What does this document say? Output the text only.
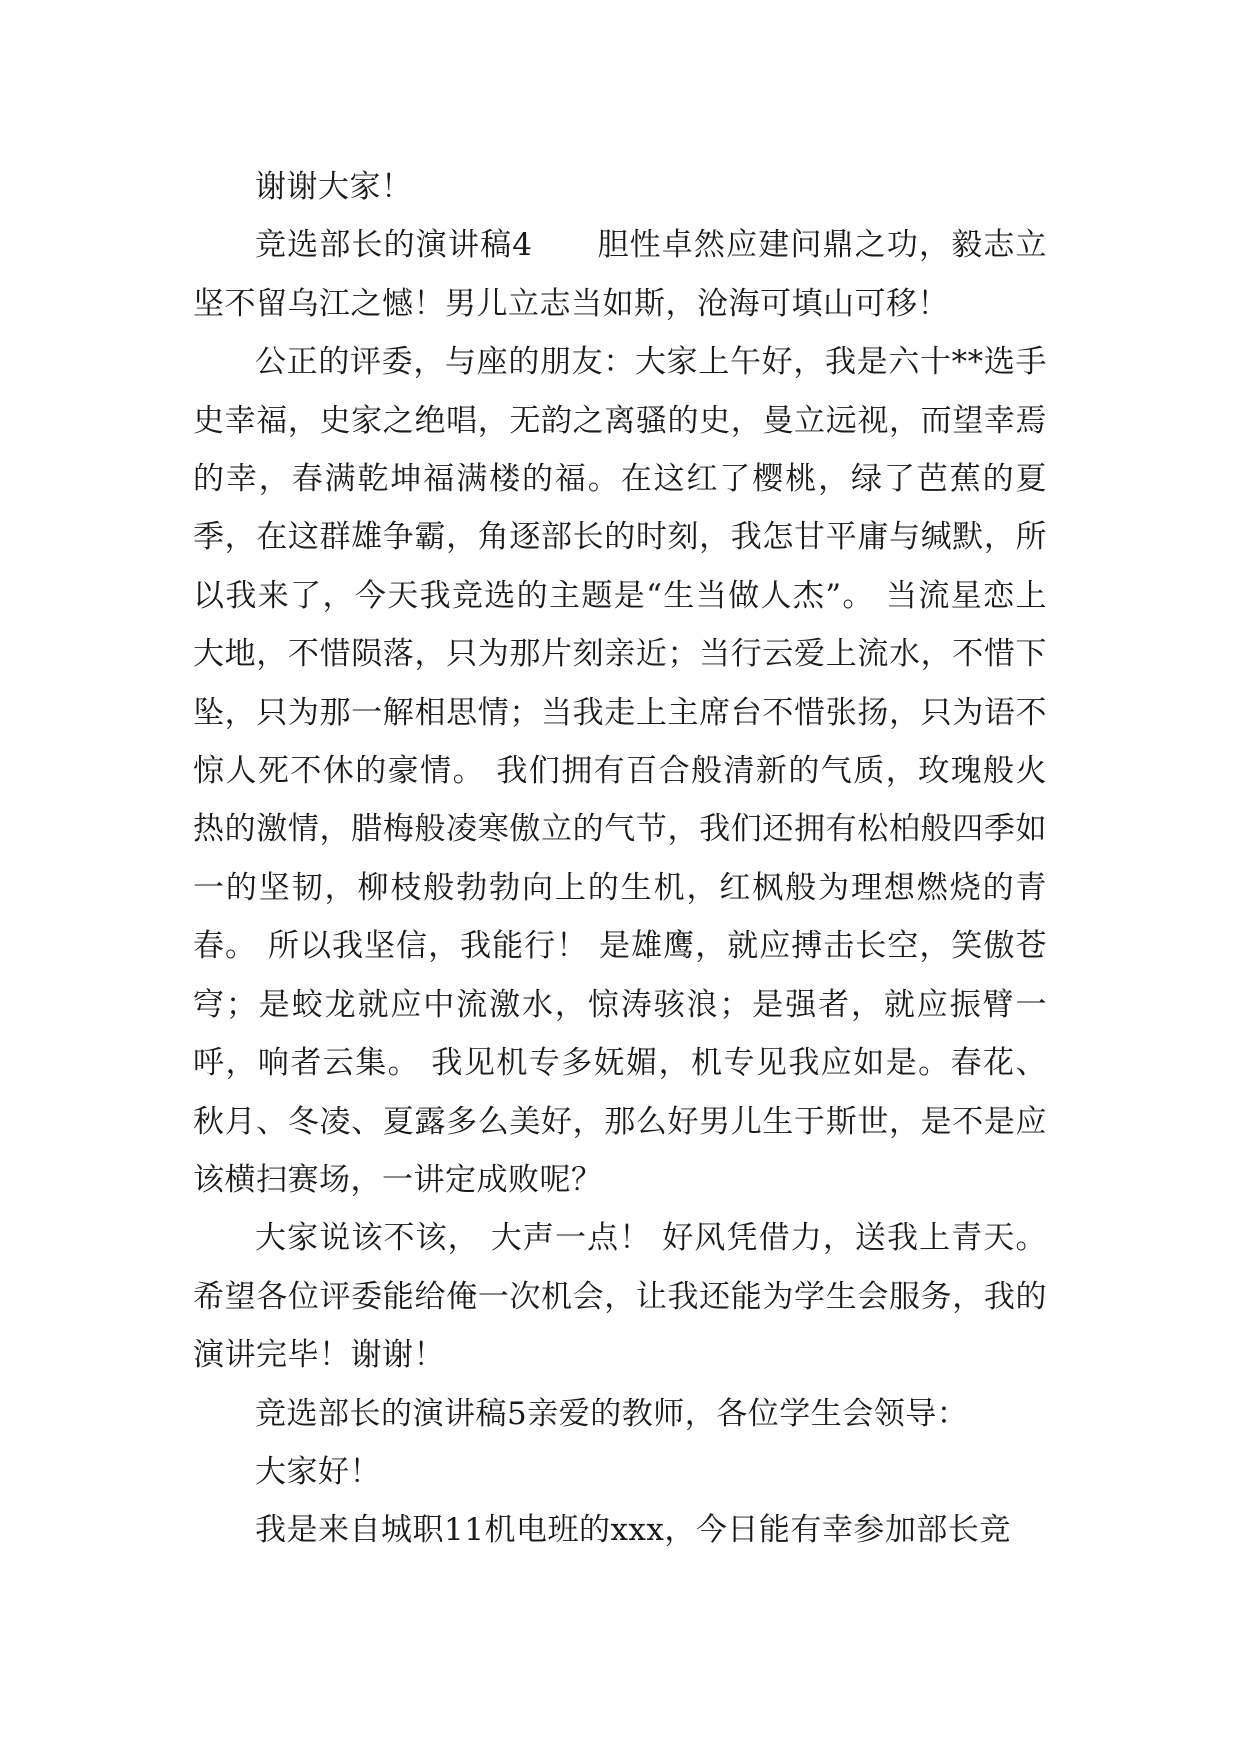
谢谢大家！

竞选部长的演讲稿4　　胆性卓然应建问鼎之功，毅志立坚不留乌江之憾！男儿立志当如斯，沧海可填山可移！

公正的评委，与座的朋友：大家上午好，我是六十**选手史幸福，史家之绝唱，无韵之离骚的史，曼立远视，而望幸焉的幸，春满乾坤福满楼的福。在这红了樱桃，绿了芭蕉的夏季，在这群雄争霸，角逐部长的时刻，我怎甘平庸与缄默，所以我来了，今天我竞选的主题是“生当做人杰”。 当流星恋上大地，不惜陨落，只为那片刻亲近；当行云爱上流水，不惜下坠，只为那一解相思情；当我走上主席台不惜张扬，只为语不惊人死不休的豪情。 我们拥有百合般清新的气质，玫瑰般火热的激情，腊梅般凌寒傲立的气节，我们还拥有松柏般四季如一的坚韧，柳枝般勃勃向上的生机，红枫般为理想燃烧的青春。 所以我坚信，我能行！ 是雄鹰，就应搏击长空，笑傲苍穹；是蛟龙就应中流激水，惊涛骇浪；是强者，就应振臂一呼，响者云集。 我见机专多妩媚，机专见我应如是。春花、秋月、冬凌、夏露多么美好，那么好男儿生于斯世，是不是应该横扫赛场，一讲定成败呢？

大家说该不该， 大声一点！ 好风凭借力，送我上青天。希望各位评委能给俺一次机会，让我还能为学生会服务，我的演讲完毕！谢谢！

竞选部长的演讲稿5亲爱的教师，各位学生会领导：

大家好！

我是来自城职11机电班的xxx，今日能有幸参加部长竞
